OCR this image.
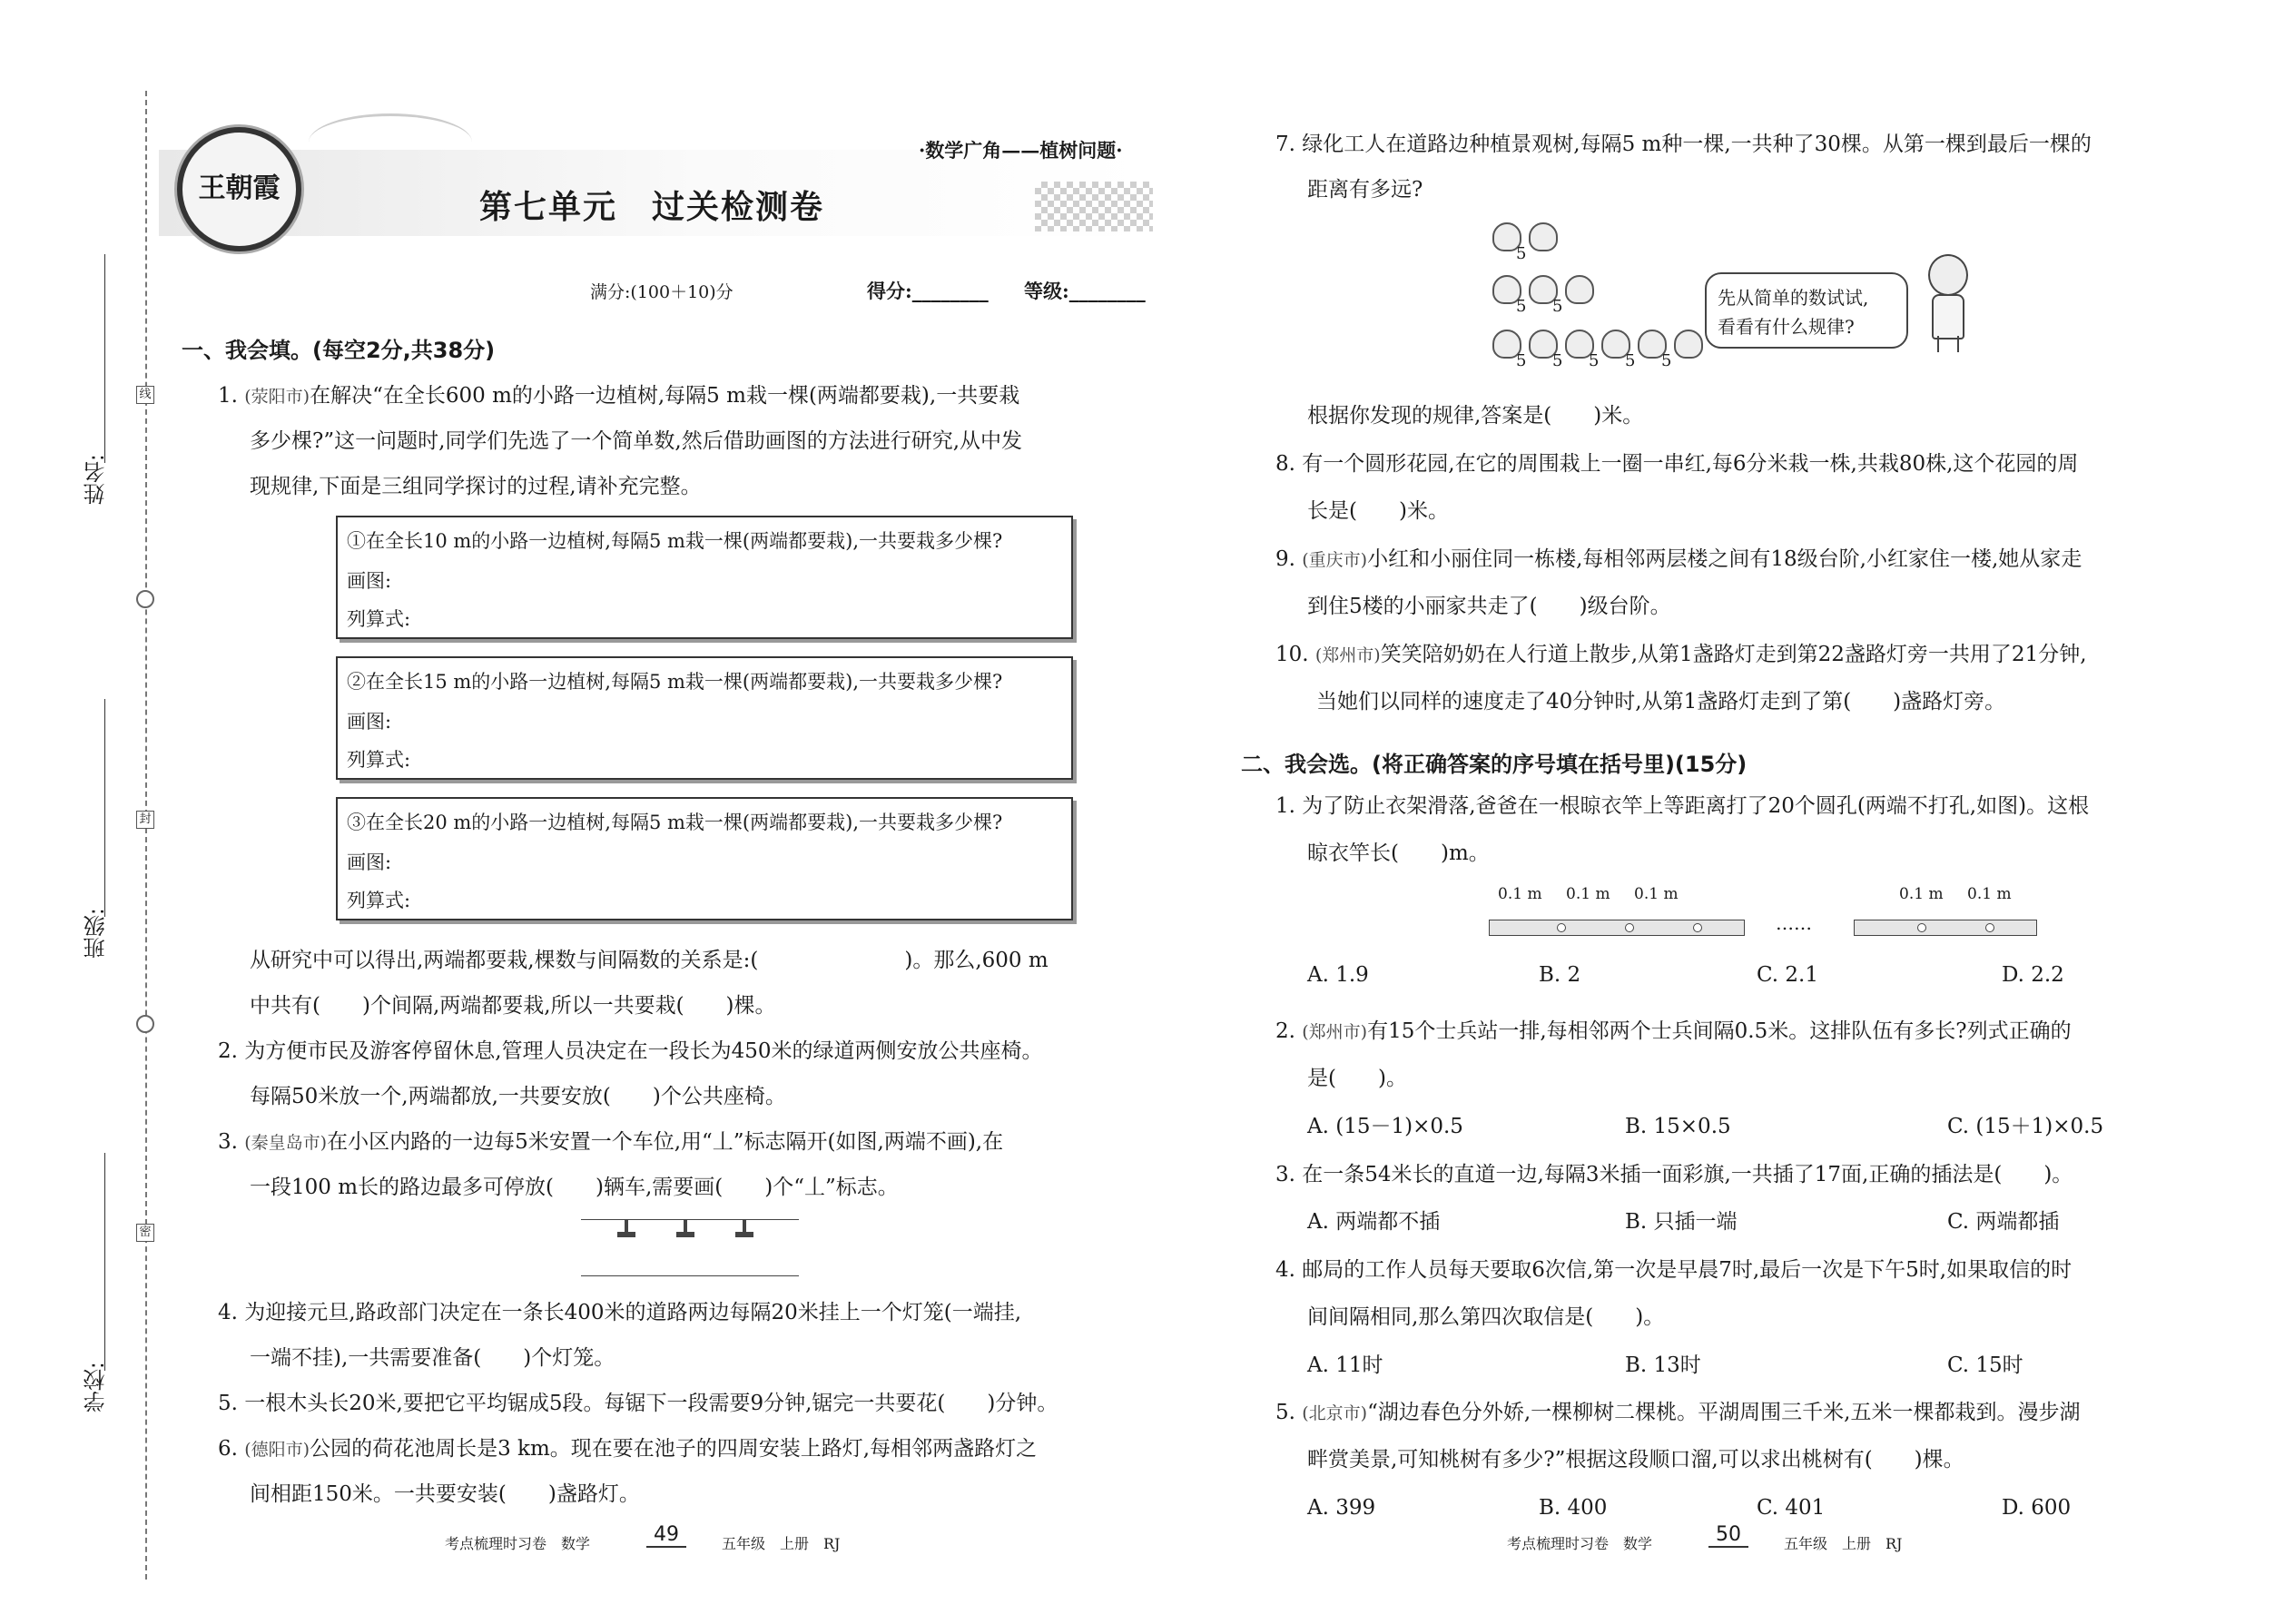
姓名:
班级:
学校:
线
封
密
王朝霞
·数学广角——植树问题·
第七单元　过关检测卷
满分:(100＋10)分	得分:________ 等级:________
一、我会填。(每空2分,共38分)
1. (荥阳市)在解决“在全长600 m的小路一边植树,每隔5 m栽一棵(两端都要栽),一共要栽
多少棵?”这一问题时,同学们先选了一个简单数,然后借助画图的方法进行研究,从中发
现规律,下面是三组同学探讨的过程,请补充完整。
①在全长10 m的小路一边植树,每隔5 m栽一棵(两端都要栽),一共要栽多少棵?
画图:
列算式:
②在全长15 m的小路一边植树,每隔5 m栽一棵(两端都要栽),一共要栽多少棵?
画图:
列算式:
③在全长20 m的小路一边植树,每隔5 m栽一棵(两端都要栽),一共要栽多少棵?
画图:
列算式:
从研究中可以得出,两端都要栽,棵数与间隔数的关系是:(　　　　　　　)。那么,600 m
中共有(　　)个间隔,两端都要栽,所以一共要栽(　　)棵。
2. 为方便市民及游客停留休息,管理人员决定在一段长为450米的绿道两侧安放公共座椅。
每隔50米放一个,两端都放,一共要安放(　　)个公共座椅。
3. (秦皇岛市)在小区内路的一边每5米安置一个车位,用“丄”标志隔开(如图,两端不画),在
一段100 m长的路边最多可停放(　　)辆车,需要画(　　)个“丄”标志。
4. 为迎接元旦,路政部门决定在一条长400米的道路两边每隔20米挂上一个灯笼(一端挂,
一端不挂),一共需要准备(　　)个灯笼。
5. 一根木头长20米,要把它平均锯成5段。每锯下一段需要9分钟,锯完一共要花(　　)分钟。
6. (德阳市)公园的荷花池周长是3 km。现在要在池子的四周安装上路灯,每相邻两盏路灯之
间相距150米。一共要安装(　　)盏路灯。
考点梳理时习卷　数学	49	五年级　上册　RJ
7. 绿化工人在道路边种植景观树,每隔5 m种一棵,一共种了30棵。从第一棵到最后一棵的
距离有多远?
5
5 5
5 5 5 5 5
先从简单的数试试,
看看有什么规律?
根据你发现的规律,答案是(　　)米。
8. 有一个圆形花园,在它的周围栽上一圈一串红,每6分米栽一株,共栽80株,这个花园的周
长是(　　)米。
9. (重庆市)小红和小丽住同一栋楼,每相邻两层楼之间有18级台阶,小红家住一楼,她从家走
到住5楼的小丽家共走了(　　)级台阶。
10. (郑州市)笑笑陪奶奶在人行道上散步,从第1盏路灯走到第22盏路灯旁一共用了21分钟,
当她们以同样的速度走了40分钟时,从第1盏路灯走到了第(　　)盏路灯旁。
二、我会选。(将正确答案的序号填在括号里)(15分)
1. 为了防止衣架滑落,爸爸在一根晾衣竿上等距离打了20个圆孔(两端不打孔,如图)。这根
晾衣竿长(　　)m。
0.1 m 0.1 m 0.1 m	0.1 m 0.1 m
……
A. 1.9	B. 2	C. 2.1	D. 2.2
2. (郑州市)有15个士兵站一排,每相邻两个士兵间隔0.5米。这排队伍有多长?列式正确的
是(　　)。
A. (15－1)×0.5	B. 15×0.5	C. (15＋1)×0.5
3. 在一条54米长的直道一边,每隔3米插一面彩旗,一共插了17面,正确的插法是(　　)。
A. 两端都不插	B. 只插一端	C. 两端都插
4. 邮局的工作人员每天要取6次信,第一次是早晨7时,最后一次是下午5时,如果取信的时
间间隔相同,那么第四次取信是(　　)。
A. 11时	B. 13时	C. 15时
5. (北京市)“湖边春色分外娇,一棵柳树二棵桃。平湖周围三千米,五米一棵都栽到。漫步湖
畔赏美景,可知桃树有多少?”根据这段顺口溜,可以求出桃树有(　　)棵。
A. 399	B. 400	C. 401	D. 600
考点梳理时习卷　数学	50	五年级　上册　RJ
